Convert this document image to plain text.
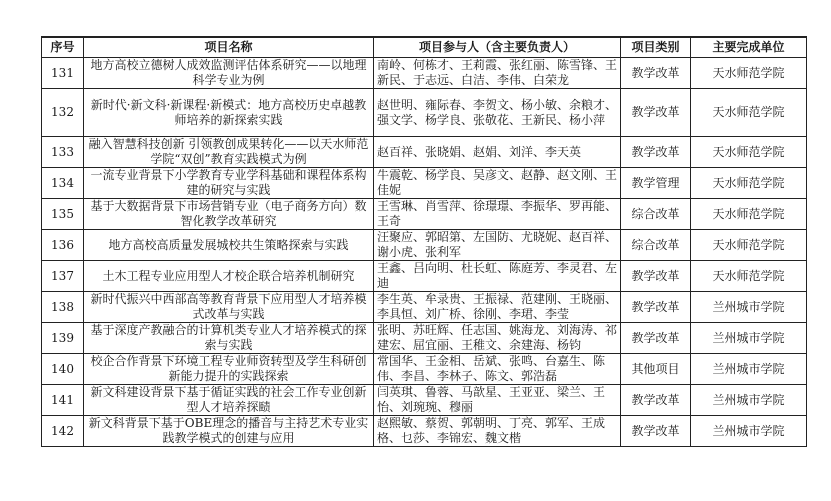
序号	项目名称	项目参与人（含主要负责人）	项目类别	主要完成单位
131	地方高校立德树人成效监测评估体系研究——以地理科学专业为例	南岭、何栋才、王莉霞、张红丽、陈雪锋、王新民、于志远、白洁、李伟、白荣龙	教学改革	天水师范学院
132	新时代·新文科·新课程·新模式：地方高校历史卓越教师培养的新探索实践	赵世明、雍际春、李贺文、杨小敏、余粮才、强文学、杨学良、张敬花、王新民、杨小萍	教学改革	天水师范学院
133	融入智慧科技创新 引领教创成果转化——以天水师范学院“双创”教育实践模式为例	赵百祥、张晓娟、赵娟、刘洋、李天英	教学改革	天水师范学院
134	一流专业背景下小学教育专业学科基础和课程体系构建的研究与实践	牛震乾、杨学良、吴彦文、赵静、赵文刚、王佳妮	教学管理	天水师范学院
135	基于大数据背景下市场营销专业（电子商务方向）数智化教学改革研究	王雪琳、肖雪萍、徐璟璟、李振华、罗再能、王奇	综合改革	天水师范学院
136	地方高校高质量发展城校共生策略探索与实践	汪聚应、郭昭第、左国防、尤晓妮、赵百祥、谢小虎、张利军	综合改革	天水师范学院
137	土木工程专业应用型人才校企联合培养机制研究	王鑫、吕向明、杜长虹、陈庭芳、李灵君、左迪	教学改革	天水师范学院
138	新时代振兴中西部高等教育背景下应用型人才培养模式改革与实践	李生英、牟录贵、王振禄、范建刚、王晓丽、李具恒、刘广桥、徐刚、李珺、李莹	教学改革	兰州城市学院
139	基于深度产教融合的计算机类专业人才培养模式的探索与实践	张明、苏旺辉、任志国、姚海龙、刘海涛、祁建宏、屈宜丽、王稚文、余建海、杨钧	教学改革	兰州城市学院
140	校企合作背景下环境工程专业师资转型及学生科研创新能力提升的实践探索	常国华、王金相、岳斌、张鸣、台嘉生、陈伟、李昌、李林子、陈文、郭浩磊	其他项目	兰州城市学院
141	新文科建设背景下基于循证实践的社会工作专业创新型人才培养探赜	闫英琪、鲁蓉、马歆星、王亚亚、梁兰、王怡、刘琬琬、穆丽	教学改革	兰州城市学院
142	新文科背景下基于OBE理念的播音与主持艺术专业实践教学模式的创建与应用	赵熙敏、蔡贺、郭朝明、丁亮、郭军、王成格、乜莎、李锦宏、魏文楷	教学改革	兰州城市学院
